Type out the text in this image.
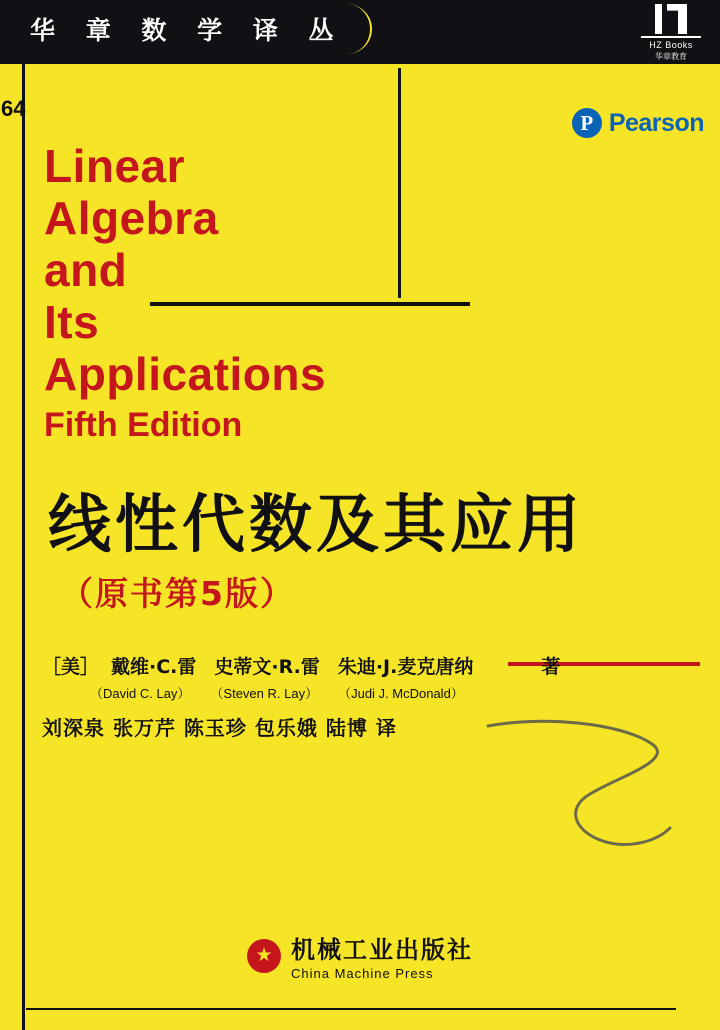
华 章 数 学 译 丛	HZ Books
华章教育
64
P Pearson
Linear
Algebra
and
Its
Applications
Fifth Edition
线性代数及其应用
（原书第5版）
［美］ 戴维·C.雷 史蒂文·R.雷 朱迪·J.麦克唐纳	著
（David C. Lay） （Steven R. Lay） （Judi J. McDonald）
刘深泉 张万芹 陈玉珍 包乐娥 陆博 译
★
机械工业出版社
China Machine Press
